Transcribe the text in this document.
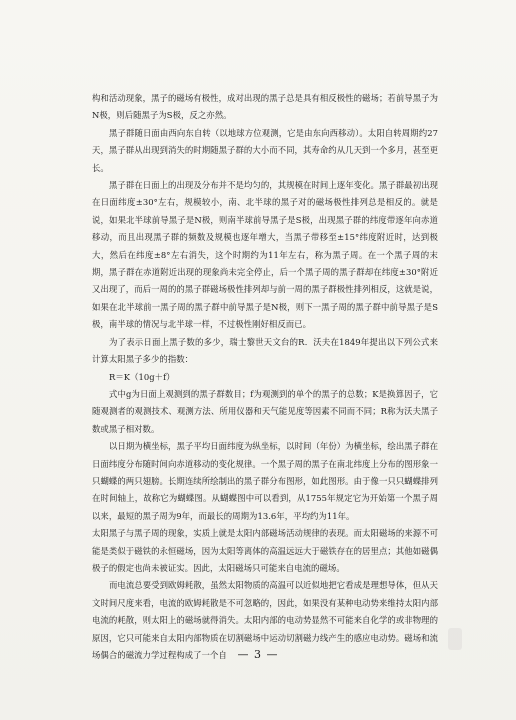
构和活动现象，黑子的磁场有极性，成对出现的黑子总是具有相反极性的磁场；若前导黑子为N极，则后随黑子为S极，反之亦然。

黑子群随日面由西向东自转（以地球方位观测，它是由东向西移动）。太阳自转周期约27天，黑子群从出现到消失的时期随黑子群的大小而不同，其寿命约从几天到一个多月，甚至更长。

黑子群在日面上的出现及分布并不是均匀的，其规模在时间上逐年变化。黑子群最初出现在日面纬度±30°左右，规模较小，南、北半球的黑子对的磁场极性排列总是相反的。就是说，如果北半球前导黑子是N极，则南半球前导黑子是S极，出现黑子群的纬度带逐年向赤道移动，而且出现黑子群的频数及规模也逐年增大，当黑子带移至±15°纬度附近时，达到极大，然后在纬度±8°左右消失，这个时期约为11年左右，称为黑子周。在一个黑子周的末期，黑子群在赤道附近出现的现象尚未完全停止，后一个黑子周的黑子群却在纬度±30°附近又出现了，而后一周的的黑子群磁场极性排列却与前一周的黑子群极性排列相反，这就是说，如果在北半球前一黑子周的黑子群中前导黑子是N极，则下一黑子周的黑子群中前导黑子是S极，南半球的情况与北半球一样，不过极性刚好相反而已。

为了表示日面上黑子数的多少，瑞士黎世天文台的R．沃夫在1849年提出以下列公式来计算太阳黑子多少的指数：

R＝K（10g＋f）

式中g为日面上观测到的黑子群数目；f为观测到的单个的黑子的总数；K是换算因子，它随观测者的观测技术、观测方法、所用仪器和天气能见度等因素不同而不同；R称为沃夫黑子数或黑子相对数。

以日期为横坐标，黑子平均日面纬度为纵坐标，以时间（年份）为横坐标，绘出黑子群在日面纬度分布随时间向赤道移动的变化规律。一个黑子周的黑子在南北纬度上分布的图形象一只蝴蝶的两只翅膀。长期连续所绘制出的黑子群分布图形，如此图形。由于像一只只蝴蝶排列在时间轴上，故称它为蝴蝶图。从蝴蝶图中可以看到，从1755年规定它为开始第一个黑子周以来，最短的黑子周为9年，而最长的周期为13.6年，平均约为11年。

太阳黑子与黑子周的现象，实质上就是太阳内部磁场活动规律的表现。而太阳磁场的来源不可能是类似于磁铁的永恒磁场，因为太阳等离体的高温远远大于磁铁存在的居里点；其他如磁偶极子的假定也尚未被证实。因此，太阳磁场只可能来自电流的磁场。

而电流总要受到欧姆耗散，虽然太阳物质的高温可以近似地把它看成是理想导体，但从天文时间尺度来看，电流的欧姆耗散是不可忽略的，因此，如果没有某种电动势来维持太阳内部电流的耗散，则太阳上的磁场就得消失。太阳内部的电动势显然不可能来自化学的或非物理的原因，它只可能来自太阳内部物质在切割磁场中运动切割磁力线产生的感应电动势。磁场和流场偶合的磁流力学过程构成了一个自 — 3 —
